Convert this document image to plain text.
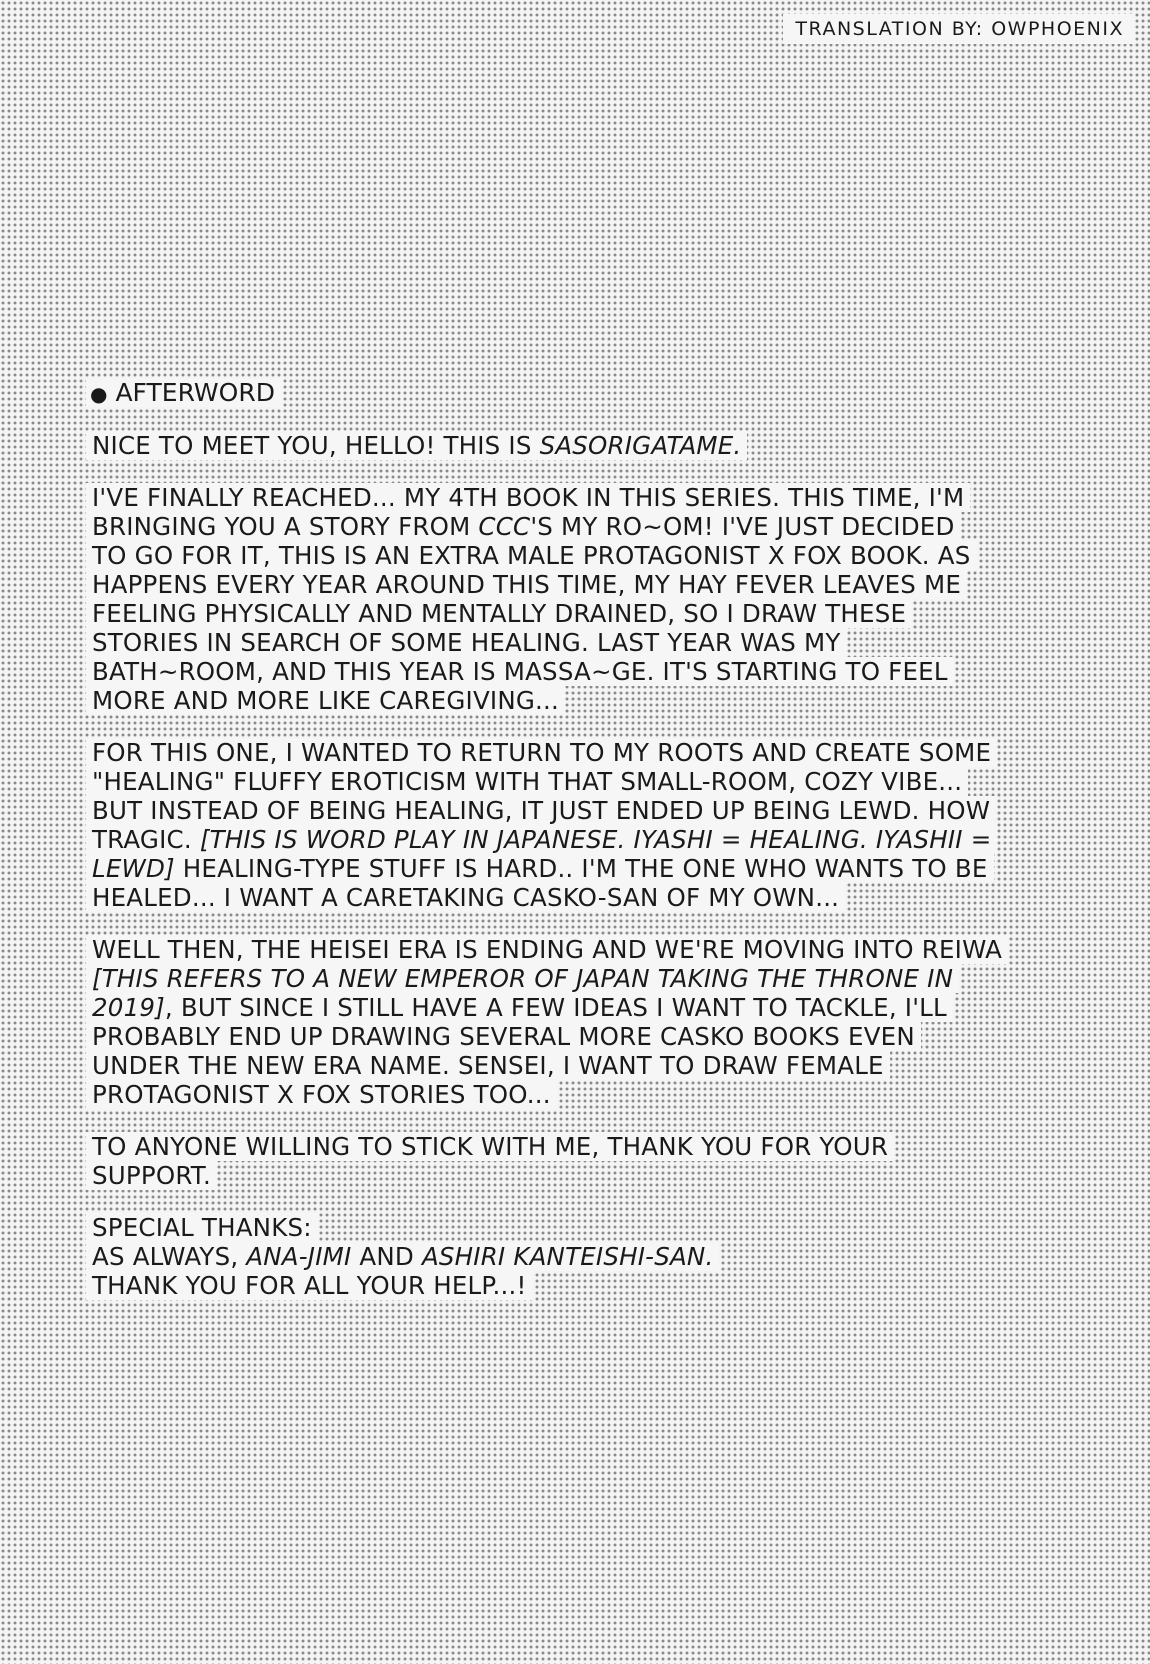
TRANSLATION BY: OWPHOENIX
● AFTERWORD
NICE TO MEET YOU, HELLO! THIS IS SASORIGATAME.
I'VE FINALLY REACHED... MY 4TH BOOK IN THIS SERIES. THIS TIME, I'M
BRINGING YOU A STORY FROM CCC'S MY RO~OM! I'VE JUST DECIDED
TO GO FOR IT, THIS IS AN EXTRA MALE PROTAGONIST X FOX BOOK. AS
HAPPENS EVERY YEAR AROUND THIS TIME, MY HAY FEVER LEAVES ME
FEELING PHYSICALLY AND MENTALLY DRAINED, SO I DRAW THESE
STORIES IN SEARCH OF SOME HEALING. LAST YEAR WAS MY
BATH~ROOM, AND THIS YEAR IS MASSA~GE. IT'S STARTING TO FEEL
MORE AND MORE LIKE CAREGIVING...
FOR THIS ONE, I WANTED TO RETURN TO MY ROOTS AND CREATE SOME
"HEALING" FLUFFY EROTICISM WITH THAT SMALL-ROOM, COZY VIBE...
BUT INSTEAD OF BEING HEALING, IT JUST ENDED UP BEING LEWD. HOW
TRAGIC. [THIS IS WORD PLAY IN JAPANESE. IYASHI = HEALING. IYASHII =
LEWD] HEALING-TYPE STUFF IS HARD.. I'M THE ONE WHO WANTS TO BE
HEALED... I WANT A CARETAKING CASKO-SAN OF MY OWN...
WELL THEN, THE HEISEI ERA IS ENDING AND WE'RE MOVING INTO REIWA
[THIS REFERS TO A NEW EMPEROR OF JAPAN TAKING THE THRONE IN
2019], BUT SINCE I STILL HAVE A FEW IDEAS I WANT TO TACKLE, I'LL
PROBABLY END UP DRAWING SEVERAL MORE CASKO BOOKS EVEN
UNDER THE NEW ERA NAME. SENSEI, I WANT TO DRAW FEMALE
PROTAGONIST X FOX STORIES TOO...
TO ANYONE WILLING TO STICK WITH ME, THANK YOU FOR YOUR
SUPPORT.
SPECIAL THANKS:
AS ALWAYS, ANA-JIMI AND ASHIRI KANTEISHI-SAN.
THANK YOU FOR ALL YOUR HELP...!
